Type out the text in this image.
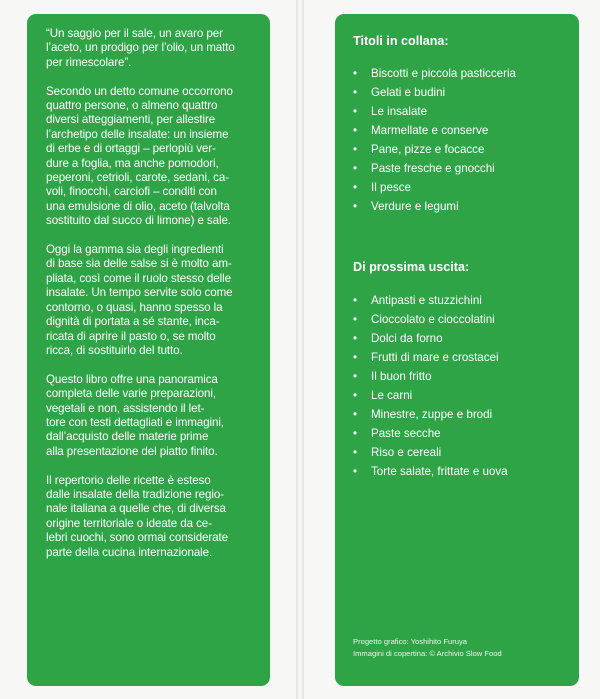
“Un saggio per il sale, un avaro per
l’aceto, un prodigo per l’olio, un matto
per rimescolare”.

Secondo un detto comune occorrono
quattro persone, o almeno quattro
diversi atteggiamenti, per allestire
l’archetipo delle insalate: un insieme
di erbe e di ortaggi – perlopiù ver-
dure a foglia, ma anche pomodori,
peperoni, cetrioli, carote, sedani, ca-
voli, finocchi, carciofi – conditi con
una emulsione di olio, aceto (talvolta
sostituito dal succo di limone) e sale.

Oggi la gamma sia degli ingredienti
di base sia delle salse si è molto am-
pliata, così come il ruolo stesso delle
insalate. Un tempo servite solo come
contorno, o quasi, hanno spesso la
dignità di portata a sé stante, inca-
ricata di aprire il pasto o, se molto
ricca, di sostituirlo del tutto.

Questo libro offre una panoramica
completa delle varie preparazioni,
vegetali e non, assistendo il let-
tore con testi dettagliati e immagini,
dall’acquisto delle materie prime
alla presentazione del piatto finito.

Il repertorio delle ricette è esteso
dalle insalate della tradizione regio-
nale italiana a quelle che, di diversa
origine territoriale o ideate da ce-
lebri cuochi, sono ormai considerate
parte della cucina internazionale.

Titoli in collana:
•	Biscotti e piccola pasticceria
•	Gelati e budini
•	Le insalate
•	Marmellate e conserve
•	Pane, pizze e focacce
•	Paste fresche e gnocchi
•	Il pesce
•	Verdure e legumi
Di prossima uscita:
•	Antipasti e stuzzichini
•	Cioccolato e cioccolatini
•	Dolci da forno
•	Frutti di mare e crostacei
•	Il buon fritto
•	Le carni
•	Minestre, zuppe e brodi
•	Paste secche
•	Riso e cereali
•	Torte salate, frittate e uova
Progetto grafico: Yoshihito Furuya
Immagini di copertina: © Archivio Slow Food
